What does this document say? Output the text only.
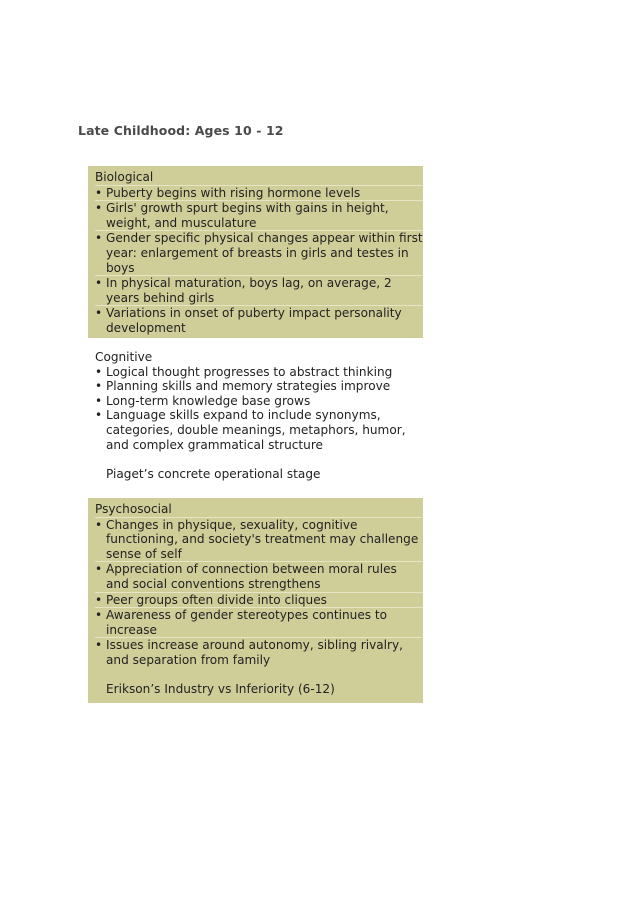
Late Childhood: Ages 10 - 12
Biological
• Puberty begins with rising hormone levels
• Girls' growth spurt begins with gains in height, weight, and musculature
• Gender specific physical changes appear within first year: enlargement of breasts in girls and testes in boys
• In physical maturation, boys lag, on average, 2 years behind girls
• Variations in onset of puberty impact personality development
Cognitive
• Logical thought progresses to abstract thinking
• Planning skills and memory strategies improve
• Long-term knowledge base grows
• Language skills expand to include synonyms, categories, double meanings, metaphors, humor, and complex grammatical structure
Piaget’s concrete operational stage
Psychosocial
• Changes in physique, sexuality, cognitive functioning, and society's treatment may challenge sense of self
• Appreciation of connection between moral rules and social conventions strengthens
• Peer groups often divide into cliques
• Awareness of gender stereotypes continues to increase
• Issues increase around autonomy, sibling rivalry, and separation from family
Erikson’s Industry vs Inferiority (6-12)
